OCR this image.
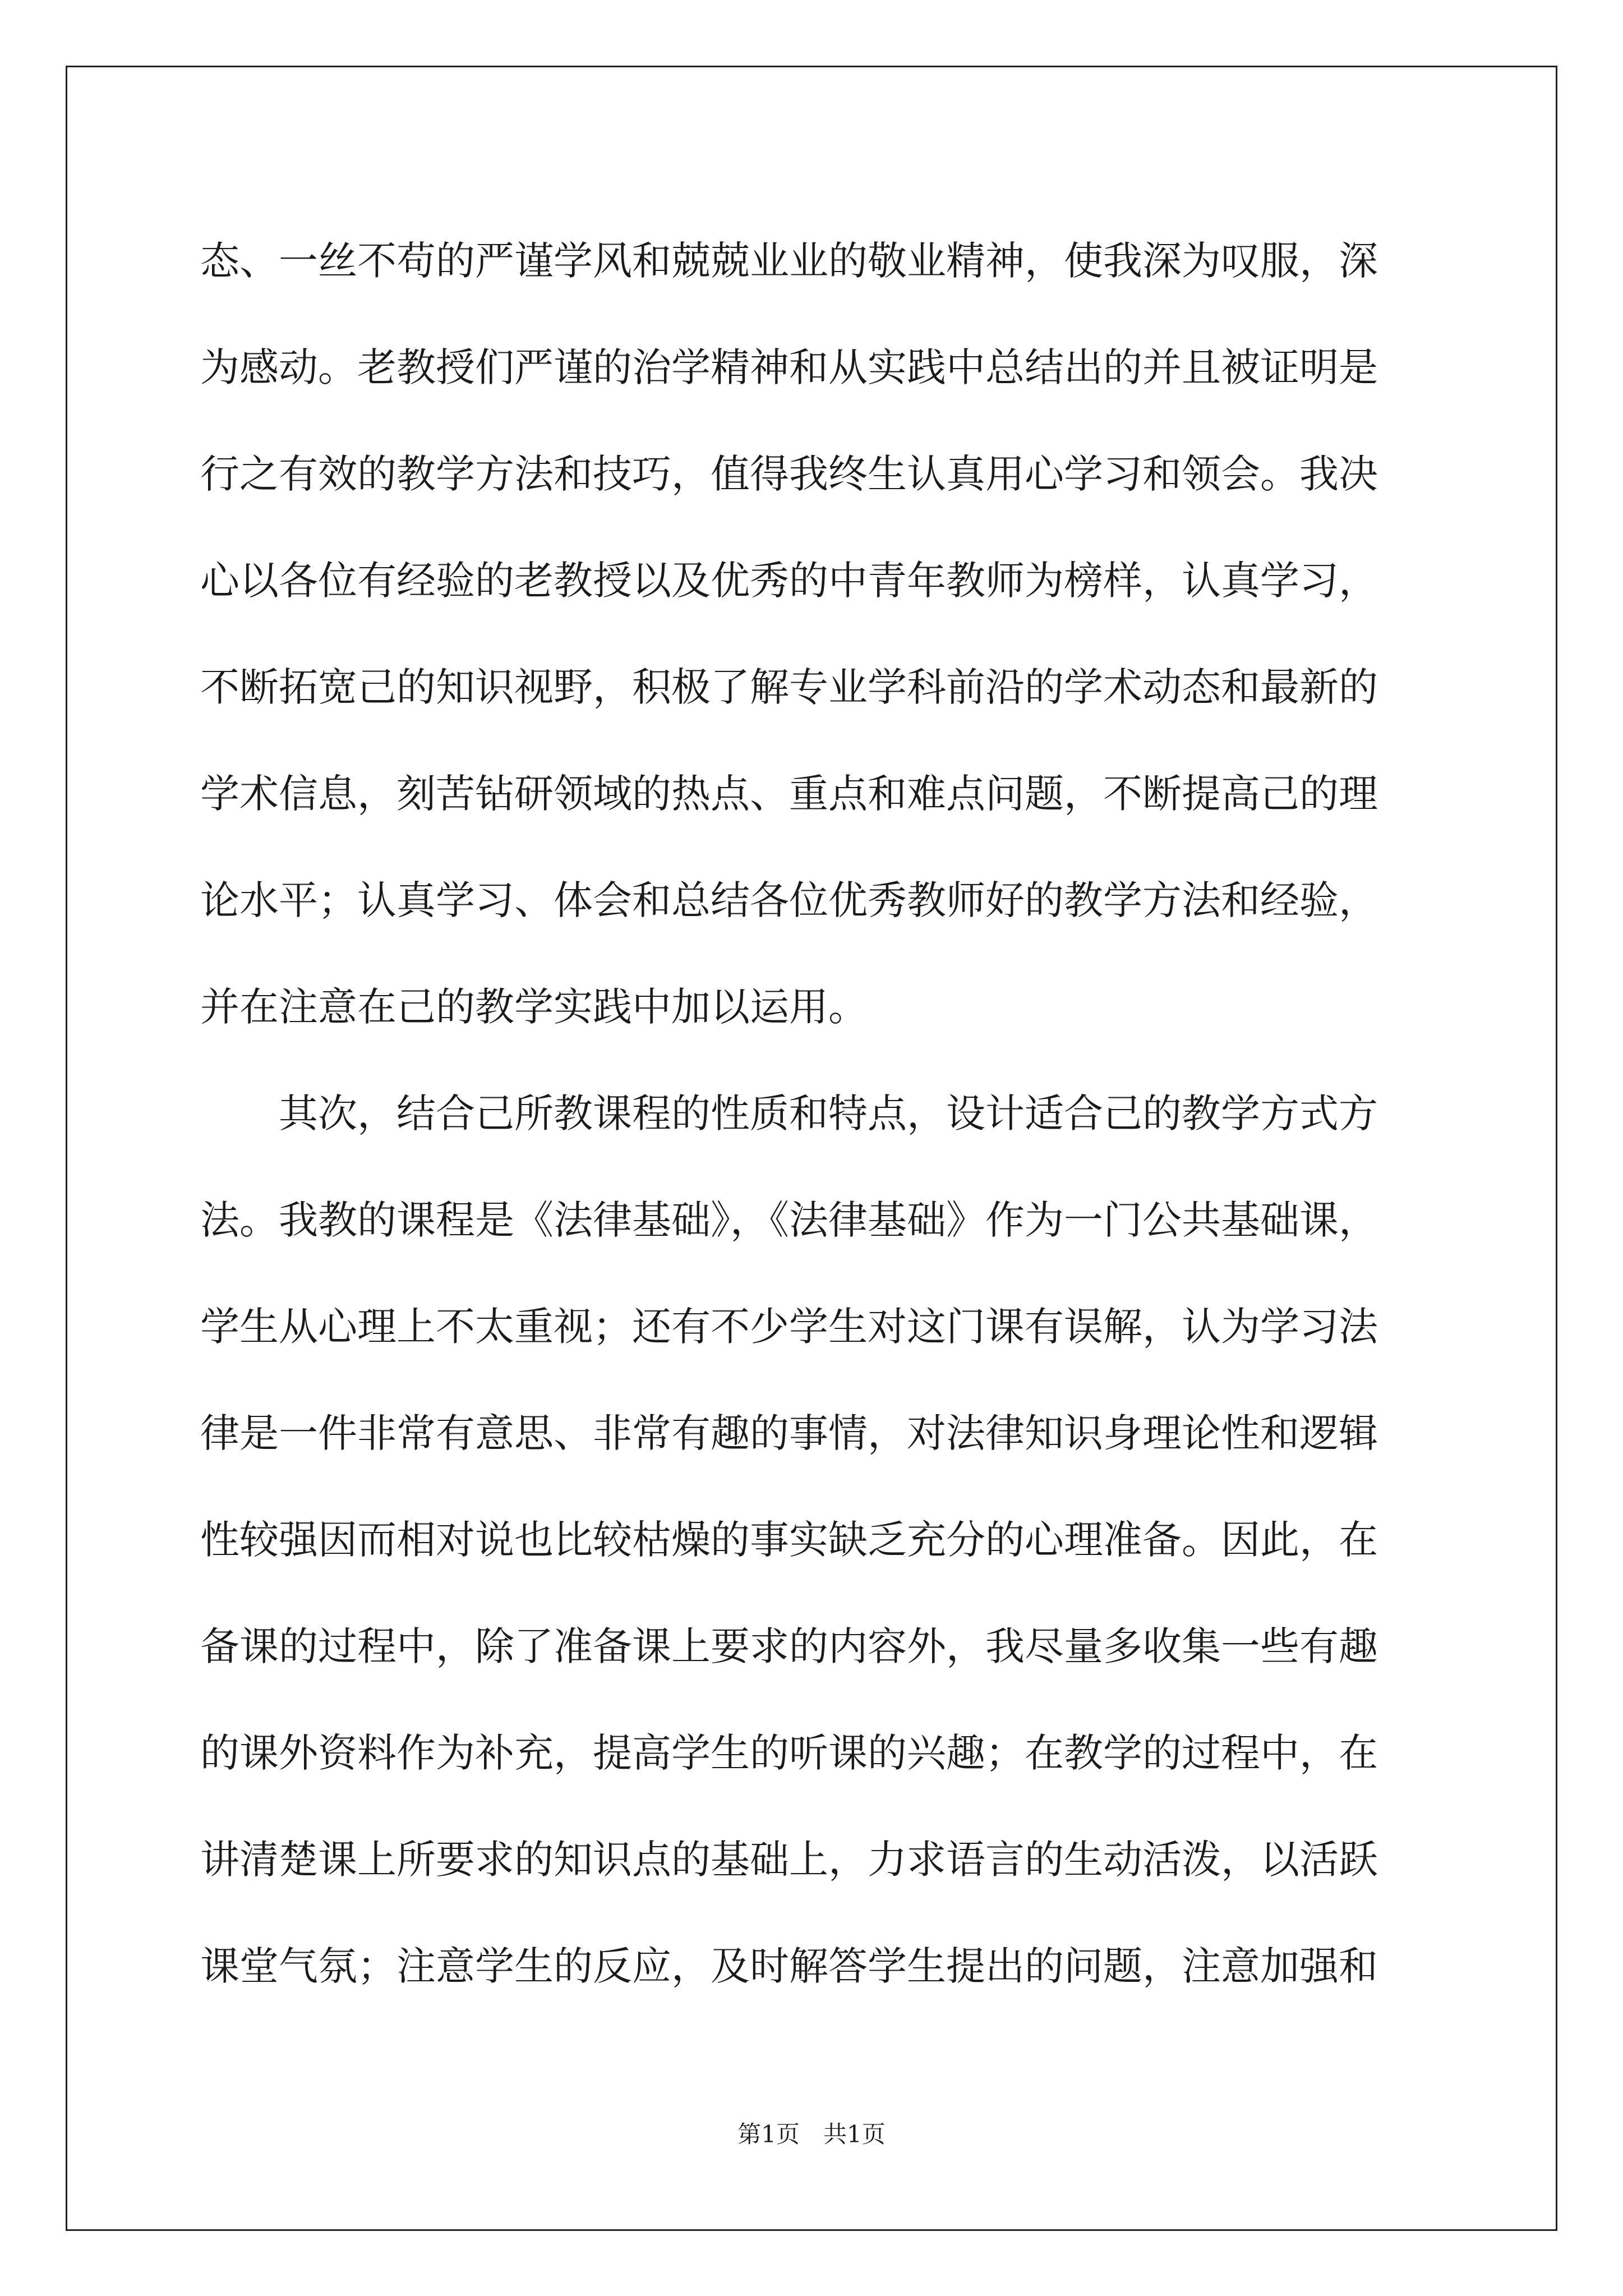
态、一丝不苟的严谨学风和兢兢业业的敬业精神，使我深为叹服，深
为感动。老教授们严谨的治学精神和从实践中总结出的并且被证明是
行之有效的教学方法和技巧，值得我终生认真用心学习和领会。我决
心以各位有经验的老教授以及优秀的中青年教师为榜样，认真学习，
不断拓宽己的知识视野，积极了解专业学科前沿的学术动态和最新的
学术信息，刻苦钻研领域的热点、重点和难点问题，不断提高己的理
论水平；认真学习、体会和总结各位优秀教师好的教学方法和经验，
并在注意在己的教学实践中加以运用。
　　其次，结合己所教课程的性质和特点，设计适合己的教学方式方
法。我教的课程是《法律基础》，《法律基础》作为一门公共基础课，
学生从心理上不太重视；还有不少学生对这门课有误解，认为学习法
律是一件非常有意思、非常有趣的事情，对法律知识身理论性和逻辑
性较强因而相对说也比较枯燥的事实缺乏充分的心理准备。因此，在
备课的过程中，除了准备课上要求的内容外，我尽量多收集一些有趣
的课外资料作为补充，提高学生的听课的兴趣；在教学的过程中，在
讲清楚课上所要求的知识点的基础上，力求语言的生动活泼，以活跃
课堂气氛；注意学生的反应，及时解答学生提出的问题，注意加强和
第1页　共1页
